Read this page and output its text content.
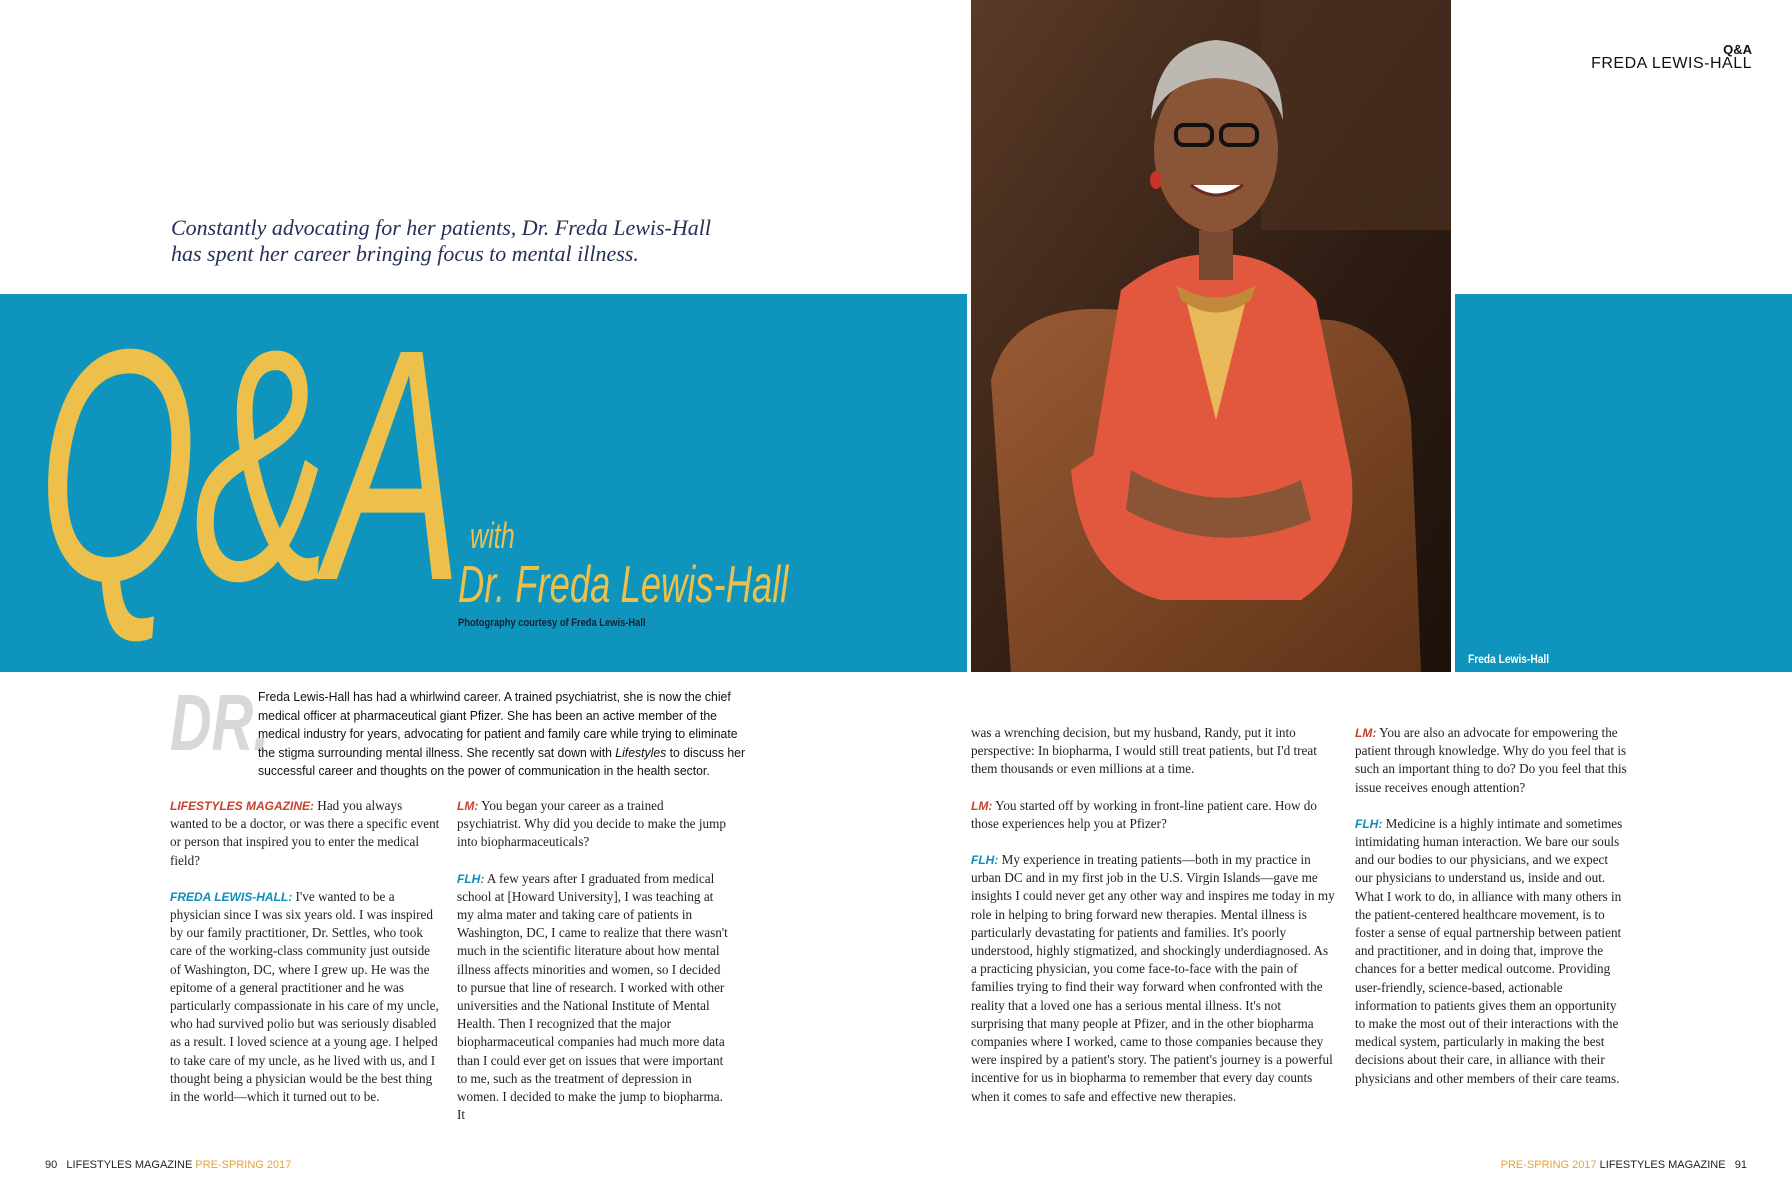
Q&A
FREDA LEWIS-HALL
Constantly advocating for her patients, Dr. Freda Lewis-Hall
has spent her career bringing focus to mental illness.
Q&A with
Dr. Freda Lewis-Hall
Photography courtesy of Freda Lewis-Hall
Freda Lewis-Hall
DR.
Freda Lewis-Hall has had a whirlwind career. A trained psychiatrist, she is now the chief medical officer at pharmaceutical giant Pfizer. She has been an active member of the medical industry for years, advocating for patient and family care while trying to eliminate the stigma surrounding mental illness. She recently sat down with Lifestyles to discuss her successful career and thoughts on the power of communication in the health sector.

LIFESTYLES MAGAZINE: Had you always wanted to be a doctor, or was there a specific event or person that inspired you to enter the medical field?

FREDA LEWIS-HALL: I've wanted to be a physician since I was six years old. I was inspired by our family practitioner, Dr. Settles, who took care of the working-class community just outside of Washington, DC, where I grew up. He was the epitome of a general practitioner and he was particularly compassionate in his care of my uncle, who had survived polio but was seriously disabled as a result. I loved science at a young age. I helped to take care of my uncle, as he lived with us, and I thought being a physician would be the best thing in the world—which it turned out to be.

LM: You began your career as a trained psychiatrist. Why did you decide to make the jump into biopharmaceuticals?

FLH: A few years after I graduated from medical school at [Howard University], I was teaching at my alma mater and taking care of patients in Washington, DC, I came to realize that there wasn't much in the scientific literature about how mental illness affects minorities and women, so I decided to pursue that line of research. I worked with other universities and the National Institute of Mental Health. Then I recognized that the major biopharmaceutical companies had much more data than I could ever get on issues that were important to me, such as the treatment of depression in women. I decided to make the jump to biopharma. It

was a wrenching decision, but my husband, Randy, put it into perspective: In biopharma, I would still treat patients, but I'd treat them thousands or even millions at a time.

LM: You started off by working in front-line patient care. How do those experiences help you at Pfizer?

FLH: My experience in treating patients—both in my practice in urban DC and in my first job in the U.S. Virgin Islands—gave me insights I could never get any other way and inspires me today in my role in helping to bring forward new therapies. Mental illness is particularly devastating for patients and families. It's poorly understood, highly stigmatized, and shockingly underdiagnosed. As a practicing physician, you come face-to-face with the pain of families trying to find their way forward when confronted with the reality that a loved one has a serious mental illness. It's not surprising that many people at Pfizer, and in the other biopharma companies where I worked, came to those companies because they were inspired by a patient's story. The patient's journey is a powerful incentive for us in biopharma to remember that every day counts when it comes to safe and effective new therapies.

LM: You are also an advocate for empowering the patient through knowledge. Why do you feel that is such an important thing to do? Do you feel that this issue receives enough attention?

FLH: Medicine is a highly intimate and sometimes intimidating human interaction. We bare our souls and our bodies to our physicians, and we expect our physicians to understand us, inside and out. What I work to do, in alliance with many others in the patient-centered healthcare movement, is to foster a sense of equal partnership between patient and practitioner, and in doing that, improve the chances for a better medical outcome. Providing user-friendly, science-based, actionable information to patients gives them an opportunity to make the most out of their interactions with the medical system, particularly in making the best decisions about their care, in alliance with their physicians and other members of their care teams.

90 LIFESTYLES MAGAZINE PRE-SPRING 2017	PRE-SPRING 2017 LIFESTYLES MAGAZINE 91
